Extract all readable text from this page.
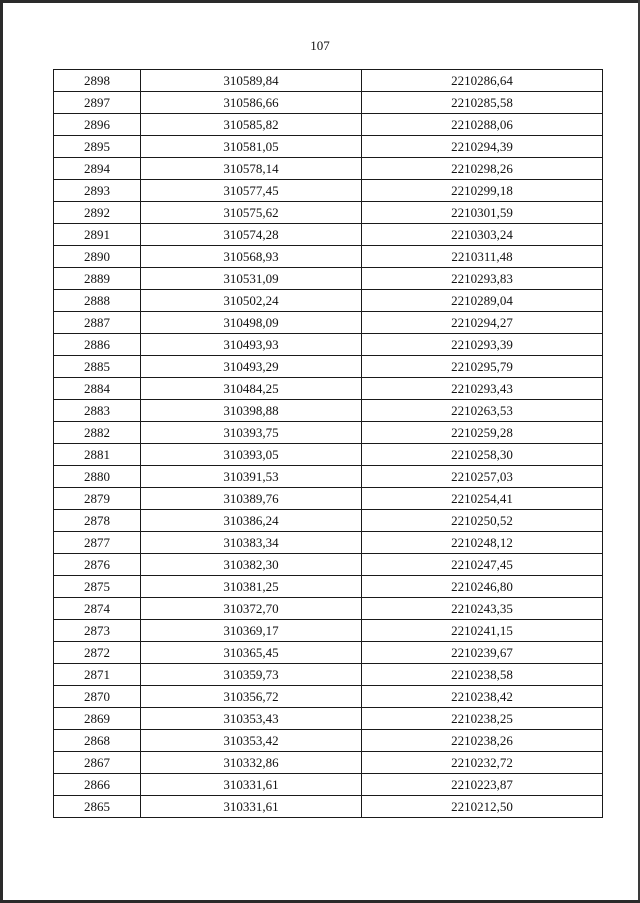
107
2898	310589,84	2210286,64
2897	310586,66	2210285,58
2896	310585,82	2210288,06
2895	310581,05	2210294,39
2894	310578,14	2210298,26
2893	310577,45	2210299,18
2892	310575,62	2210301,59
2891	310574,28	2210303,24
2890	310568,93	2210311,48
2889	310531,09	2210293,83
2888	310502,24	2210289,04
2887	310498,09	2210294,27
2886	310493,93	2210293,39
2885	310493,29	2210295,79
2884	310484,25	2210293,43
2883	310398,88	2210263,53
2882	310393,75	2210259,28
2881	310393,05	2210258,30
2880	310391,53	2210257,03
2879	310389,76	2210254,41
2878	310386,24	2210250,52
2877	310383,34	2210248,12
2876	310382,30	2210247,45
2875	310381,25	2210246,80
2874	310372,70	2210243,35
2873	310369,17	2210241,15
2872	310365,45	2210239,67
2871	310359,73	2210238,58
2870	310356,72	2210238,42
2869	310353,43	2210238,25
2868	310353,42	2210238,26
2867	310332,86	2210232,72
2866	310331,61	2210223,87
2865	310331,61	2210212,50
